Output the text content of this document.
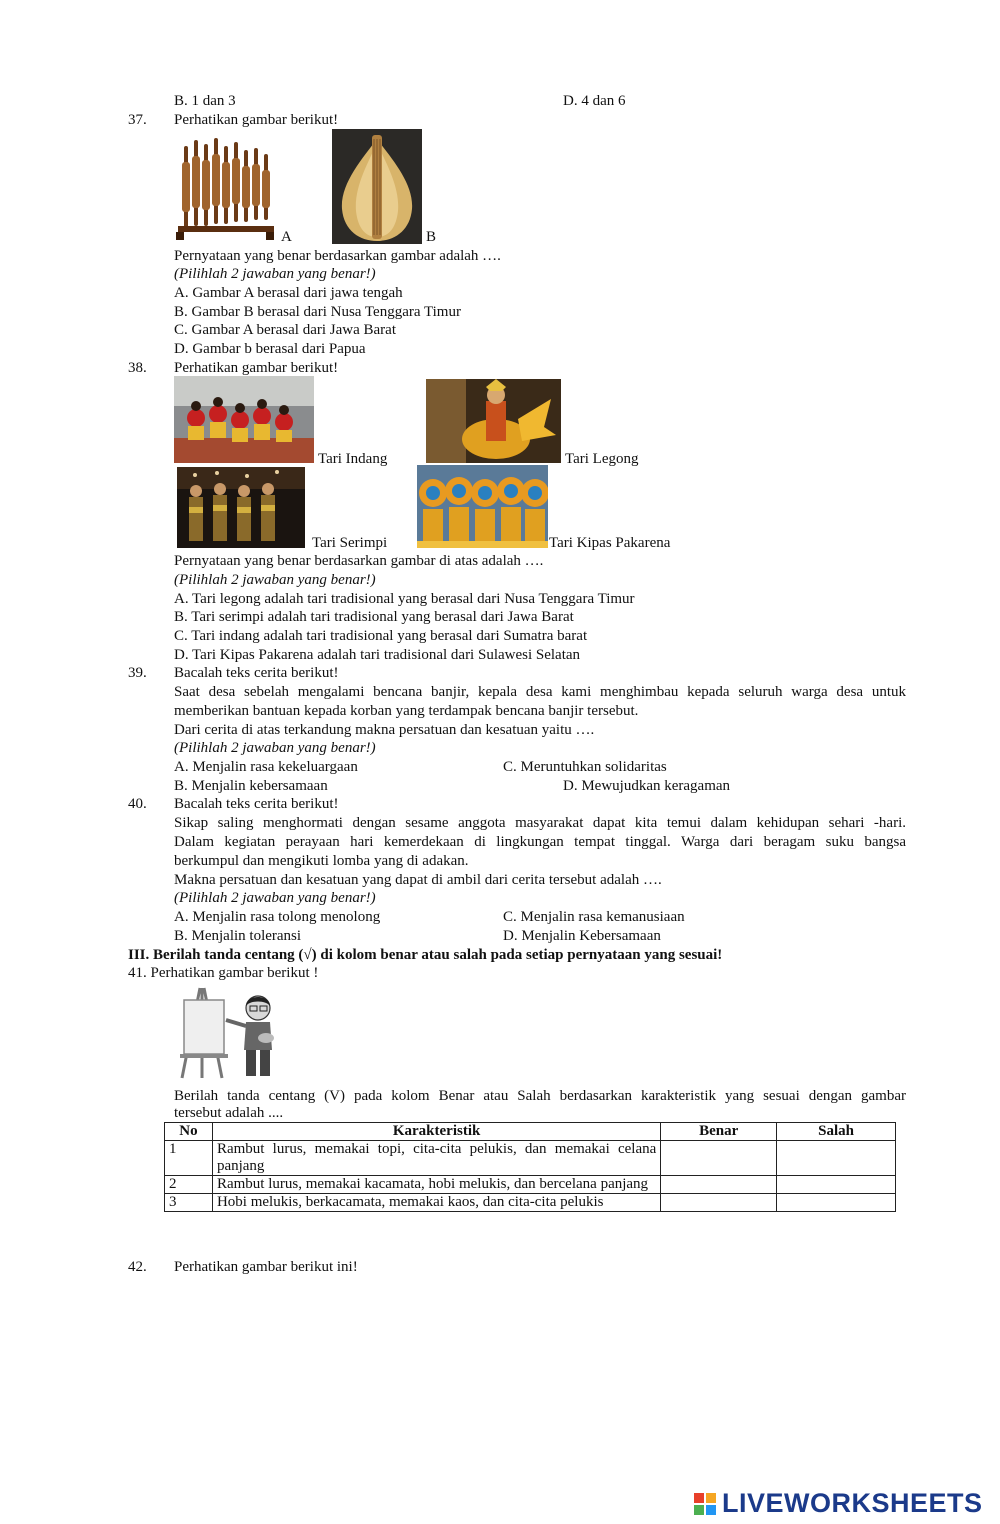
B. 1 dan 3	D. 4 dan 6
37. Perhatikan gambar berikut!
A	B
Pernyataan yang benar berdasarkan gambar adalah ….
(Pilihlah 2 jawaban yang benar!)
A. Gambar A berasal dari jawa tengah
B. Gambar B berasal dari Nusa Tenggara Timur
C. Gambar A berasal dari Jawa Barat
D. Gambar b berasal dari Papua
38. Perhatikan gambar berikut!
Tari Indang	Tari Legong
Tari Serimpi	Tari Kipas Pakarena
Pernyataan yang benar berdasarkan gambar di atas adalah ….
(Pilihlah 2 jawaban yang benar!)
A. Tari legong adalah tari tradisional yang berasal dari Nusa Tenggara Timur
B. Tari serimpi adalah tari tradisional yang berasal dari Jawa Barat
C. Tari indang adalah tari tradisional yang berasal dari Sumatra barat
D. Tari Kipas Pakarena adalah tari tradisional dari Sulawesi Selatan
39. Bacalah teks cerita berikut!
Saat desa sebelah mengalami bencana banjir, kepala desa kami menghimbau kepada seluruh warga desa untuk
memberikan bantuan kepada korban yang terdampak bencana banjir tersebut.
Dari cerita di atas terkandung makna persatuan dan kesatuan yaitu ….
(Pilihlah 2 jawaban yang benar!)
A. Menjalin rasa kekeluargaan	C. Meruntuhkan solidaritas
B. Menjalin kebersamaan	D. Mewujudkan keragaman
40. Bacalah teks cerita berikut!
Sikap saling menghormati dengan sesame anggota masyarakat dapat kita temui dalam kehidupan sehari -hari.
Dalam kegiatan perayaan hari kemerdekaan di lingkungan tempat tinggal. Warga dari beragam suku bangsa
berkumpul dan mengikuti lomba yang di adakan.
Makna persatuan dan kesatuan yang dapat di ambil dari cerita tersebut adalah ….
(Pilihlah 2 jawaban yang benar!)
A. Menjalin rasa tolong menolong	C. Menjalin rasa kemanusiaan
B. Menjalin toleransi	D. Menjalin Kebersamaan
III. Berilah tanda centang (√) di kolom benar atau salah pada setiap pernyataan yang sesuai!
41. Perhatikan gambar berikut !
Berilah tanda centang (V) pada kolom Benar atau Salah berdasarkan karakteristik yang sesuai dengan gambar
tersebut adalah ....
No	Karakteristik	Benar	Salah
1	Rambut lurus, memakai topi, cita-cita pelukis, dan memakai celana panjang		
2	Rambut lurus, memakai kacamata, hobi melukis, dan bercelana panjang		
3	Hobi melukis, berkacamata, memakai kaos, dan cita-cita pelukis		
42. Perhatikan gambar berikut ini!
LIVEWORKSHEETS
